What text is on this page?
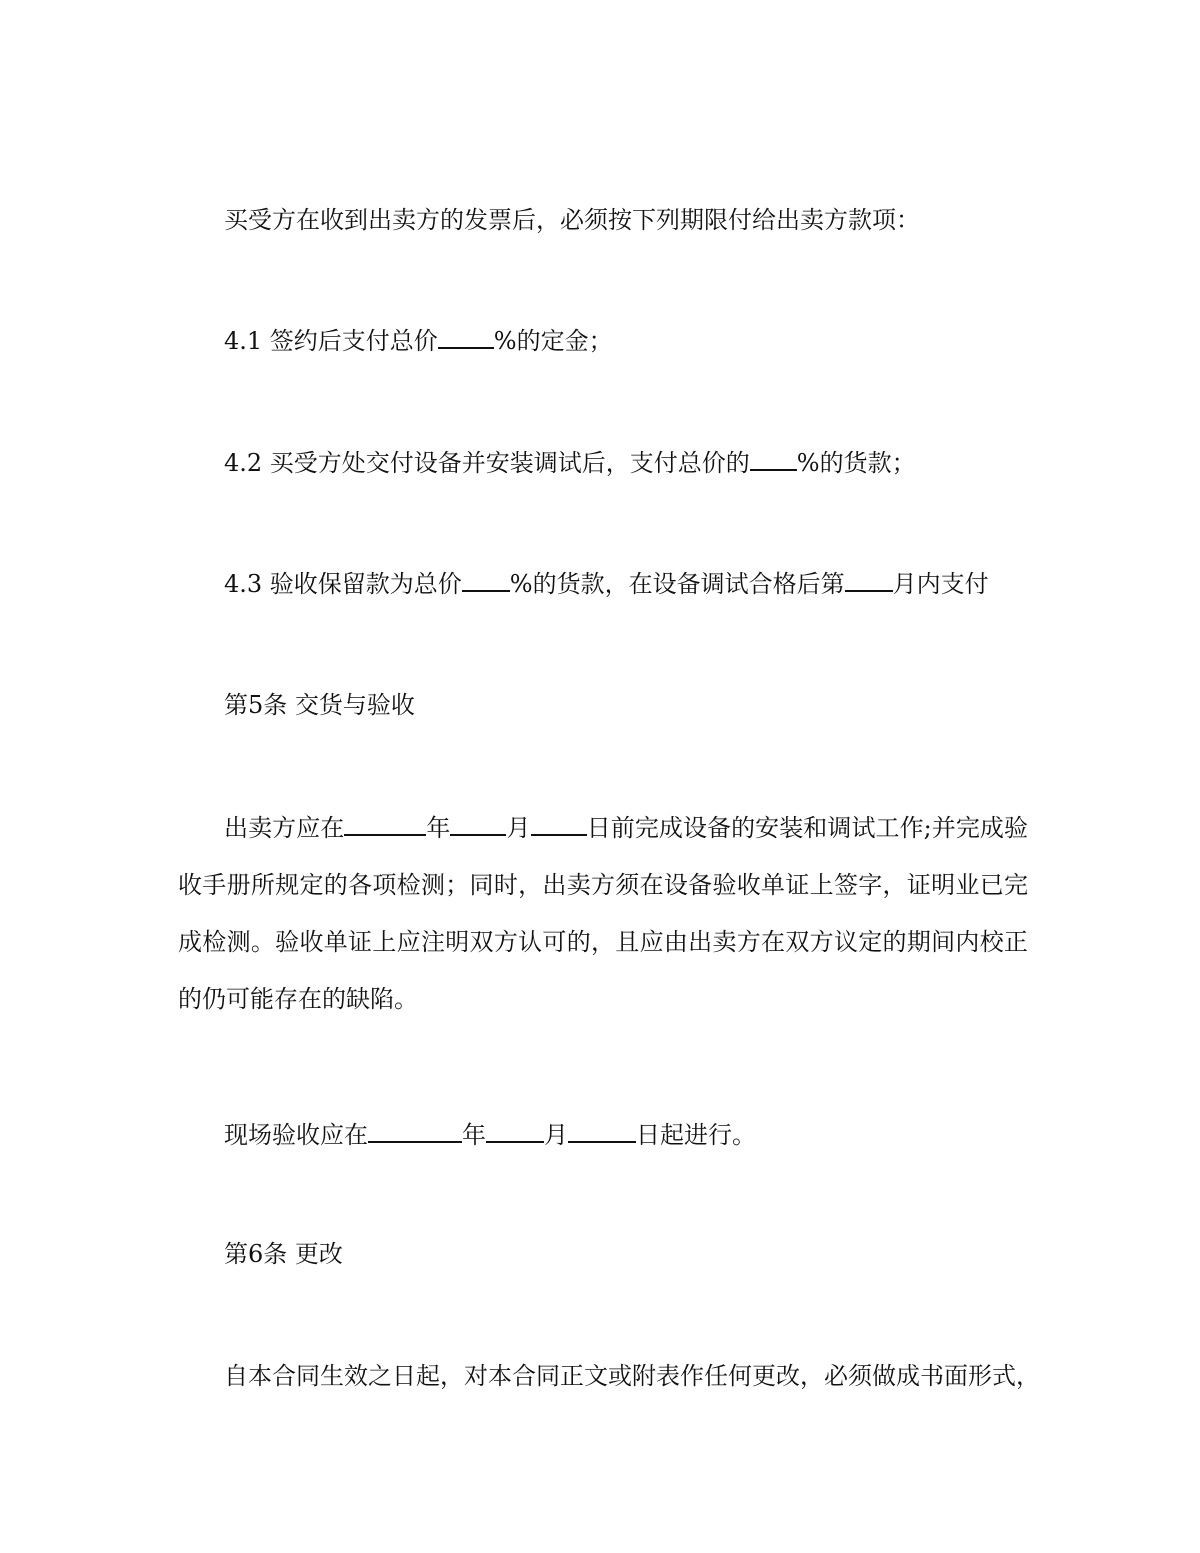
买受方在收到出卖方的发票后，必须按下列期限付给出卖方款项：
4.1 签约后支付总价 %的定金；
4.2 买受方处交付设备并安装调试后，支付总价的 %的货款；
4.3 验收保留款为总价 %的货款，在设备调试合格后第 月内支付
第5条 交货与验收
出卖方应在	年 月 日前完成设备的安装和调试工作;并完成验收手册所规定的各项检测；同时，出卖方须在设备验收单证上签字，证明业已完成检测。验收单证上应注明双方认可的，且应由出卖方在双方议定的期间内校正的仍可能存在的缺陷。
现场验收应在	年 月	日起进行。
第6条 更改
自本合同生效之日起，对本合同正文或附表作任何更改，必须做成书面形式，
